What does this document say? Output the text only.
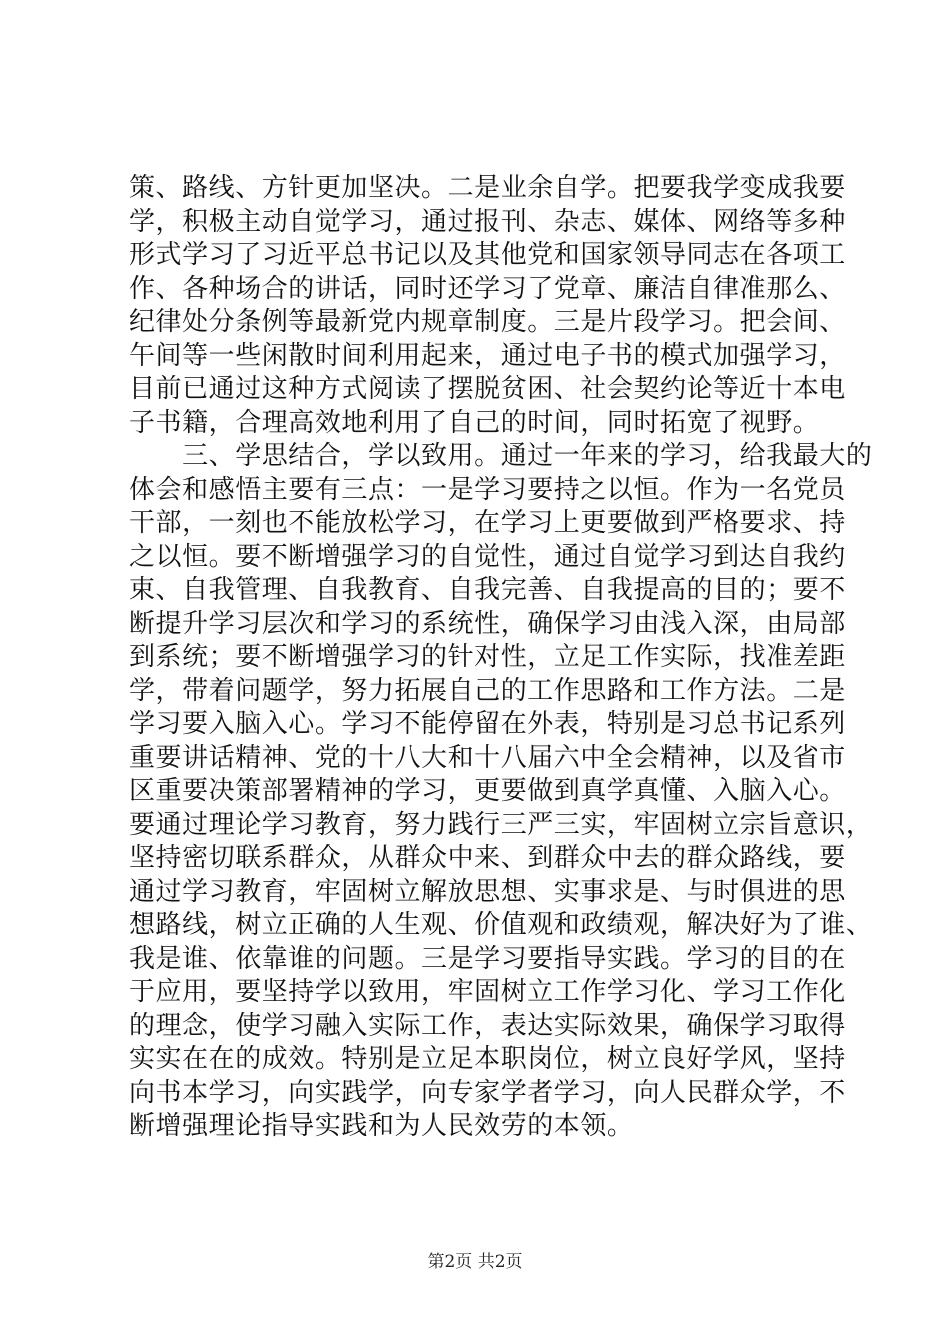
策、路线、方针更加坚决。二是业余自学。把要我学变成我要
学，积极主动自觉学习，通过报刊、杂志、媒体、网络等多种
形式学习了习近平总书记以及其他党和国家领导同志在各项工
作、各种场合的讲话，同时还学习了党章、廉洁自律准那么、
纪律处分条例等最新党内规章制度。三是片段学习。把会间、
午间等一些闲散时间利用起来，通过电子书的模式加强学习，
目前已通过这种方式阅读了摆脱贫困、社会契约论等近十本电
子书籍，合理高效地利用了自己的时间，同时拓宽了视野。
　　三、学思结合，学以致用。通过一年来的学习，给我最大的
体会和感悟主要有三点：一是学习要持之以恒。作为一名党员
干部，一刻也不能放松学习，在学习上更要做到严格要求、持
之以恒。要不断增强学习的自觉性，通过自觉学习到达自我约
束、自我管理、自我教育、自我完善、自我提高的目的；要不
断提升学习层次和学习的系统性，确保学习由浅入深，由局部
到系统；要不断增强学习的针对性，立足工作实际，找准差距
学，带着问题学，努力拓展自己的工作思路和工作方法。二是
学习要入脑入心。学习不能停留在外表，特别是习总书记系列
重要讲话精神、党的十八大和十八届六中全会精神，以及省市
区重要决策部署精神的学习，更要做到真学真懂、入脑入心。
要通过理论学习教育，努力践行三严三实，牢固树立宗旨意识，
坚持密切联系群众，从群众中来、到群众中去的群众路线，要
通过学习教育，牢固树立解放思想、实事求是、与时俱进的思
想路线，树立正确的人生观、价值观和政绩观，解决好为了谁、
我是谁、依靠谁的问题。三是学习要指导实践。学习的目的在
于应用，要坚持学以致用，牢固树立工作学习化、学习工作化
的理念，使学习融入实际工作，表达实际效果，确保学习取得
实实在在的成效。特别是立足本职岗位，树立良好学风，坚持
向书本学习，向实践学，向专家学者学习，向人民群众学，不
断增强理论指导实践和为人民效劳的本领。
第2页 共2页
